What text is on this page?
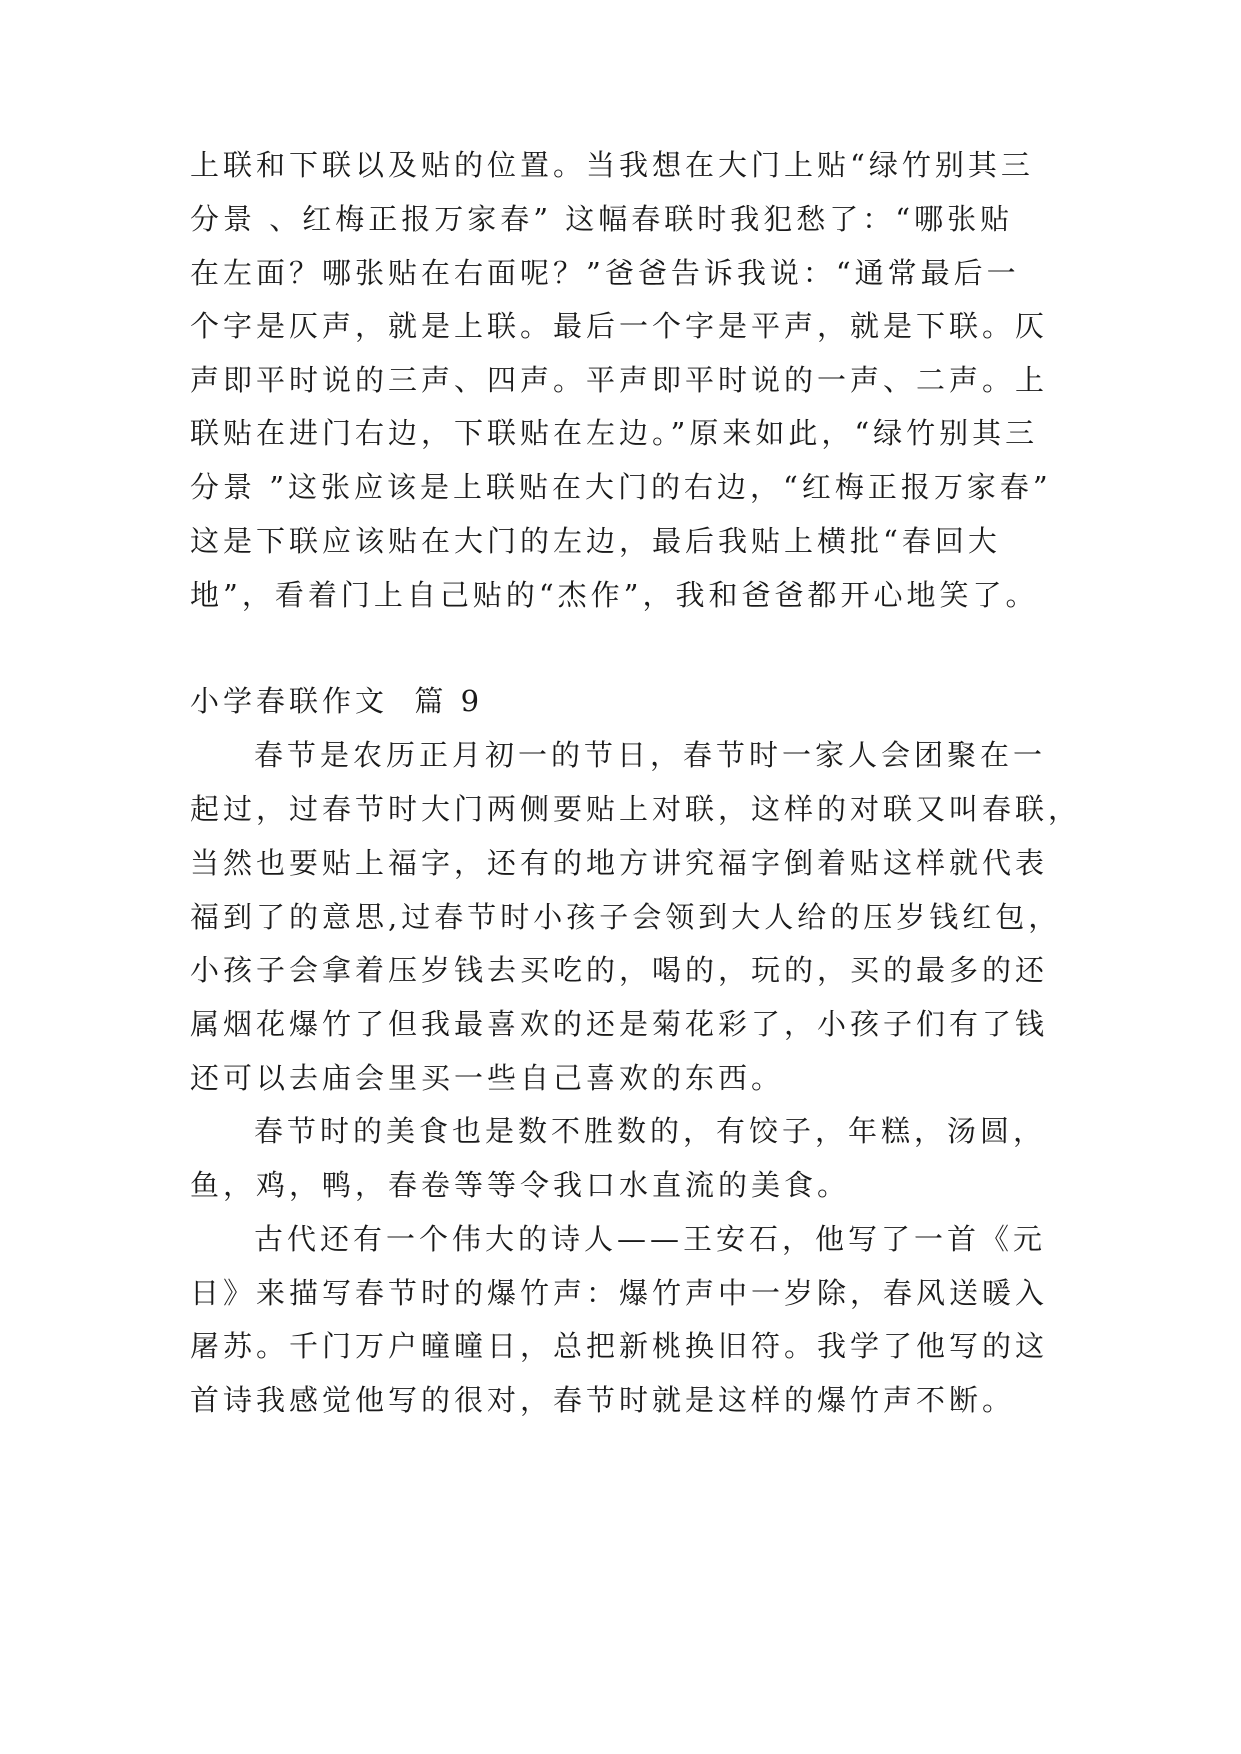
上联和下联以及贴的位置。当我想在大门上贴“绿竹别其三
分景 、红梅正报万家春” 这幅春联时我犯愁了：“哪张贴
在左面？哪张贴在右面呢？”爸爸告诉我说：“通常最后一
个字是仄声，就是上联。最后一个字是平声，就是下联。仄
声即平时说的三声、四声。平声即平时说的一声、二声。上
联贴在进门右边，下联贴在左边。”原来如此，“绿竹别其三
分景 ”这张应该是上联贴在大门的右边，“红梅正报万家春”
这是下联应该贴在大门的左边，最后我贴上横批“春回大
地”，看着门上自己贴的“杰作”，我和爸爸都开心地笑了。
小学春联作文  篇 9
春节是农历正月初一的节日，春节时一家人会团聚在一
起过，过春节时大门两侧要贴上对联，这样的对联又叫春联，
当然也要贴上福字，还有的地方讲究福字倒着贴这样就代表
福到了的意思,过春节时小孩子会领到大人给的压岁钱红包，
小孩子会拿着压岁钱去买吃的，喝的，玩的，买的最多的还
属烟花爆竹了但我最喜欢的还是菊花彩了，小孩子们有了钱
还可以去庙会里买一些自己喜欢的东西。
春节时的美食也是数不胜数的，有饺子，年糕，汤圆，
鱼，鸡，鸭，春卷等等令我口水直流的美食。
古代还有一个伟大的诗人——王安石，他写了一首《元
日》来描写春节时的爆竹声：爆竹声中一岁除，春风送暖入
屠苏。千门万户曈曈日，总把新桃换旧符。我学了他写的这
首诗我感觉他写的很对，春节时就是这样的爆竹声不断。
